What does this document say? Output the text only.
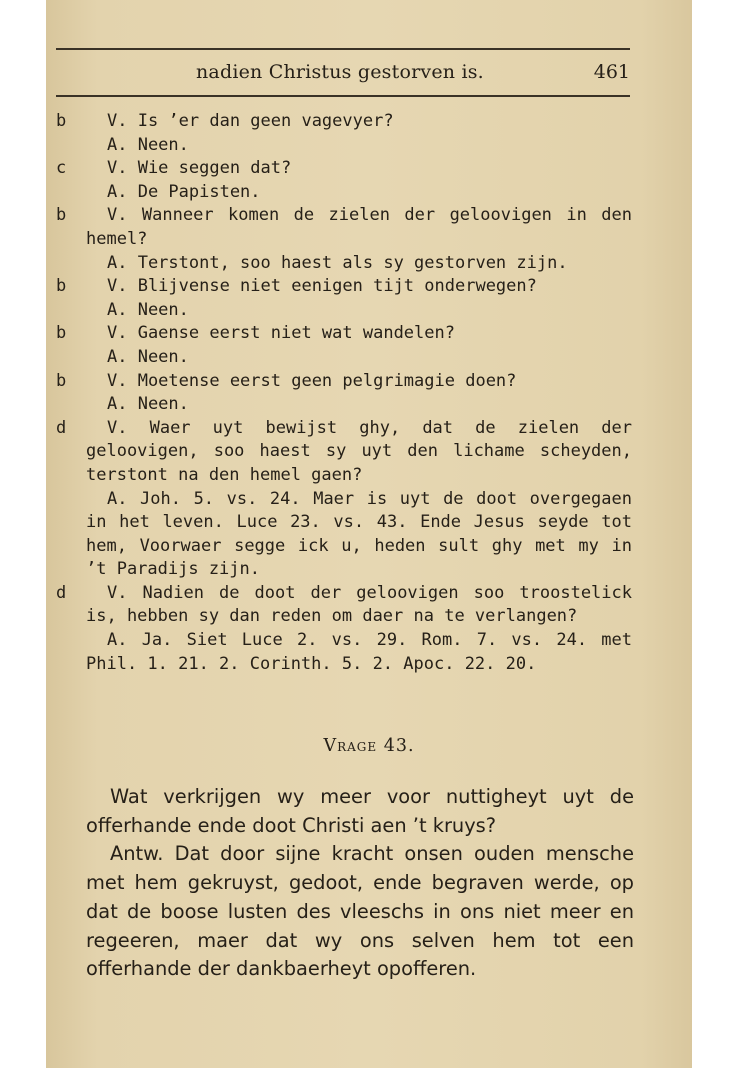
nadien Christus gestorven is.	461
b V. Is ’er dan geen vagevyer?
A. Neen.
c V. Wie seggen dat?
A. De Papisten.
b V. Wanneer komen de zielen der geloovigen in den hemel?
A. Terstont, soo haest als sy gestorven zijn.
b V. Blijvense niet eenigen tijt onderwegen?
A. Neen.
b V. Gaense eerst niet wat wandelen?
A. Neen.
b V. Moetense eerst geen pelgrimagie doen?
A. Neen.
d V. Waer uyt bewijst ghy, dat de zielen der geloovigen, soo haest sy uyt den lichame scheyden, terstont na den hemel gaen?
A. Joh. 5. vs. 24. Maer is uyt de doot overgegaen in het leven. Luce 23. vs. 43. Ende Jesus seyde tot hem, Voorwaer segge ick u, heden sult ghy met my in ’t Paradijs zijn.
d V. Nadien de doot der geloovigen soo troostelick is, hebben sy dan reden om daer na te verlangen?
A. Ja. Siet Luce 2. vs. 29. Rom. 7. vs. 24. met Phil. 1. 21. 2. Corinth. 5. 2. Apoc. 22. 20.
Vrage 43.

Wat verkrijgen wy meer voor nuttigheyt uyt de offerhande ende doot Christi aen ’t kruys?

Antw. Dat door sijne kracht onsen ouden mensche met hem gekruyst, gedoot, ende begraven werde, op dat de boose lusten des vleeschs in ons niet meer en regeeren, maer dat wy ons selven hem tot een offerhande der dankbaerheyt opofferen.
